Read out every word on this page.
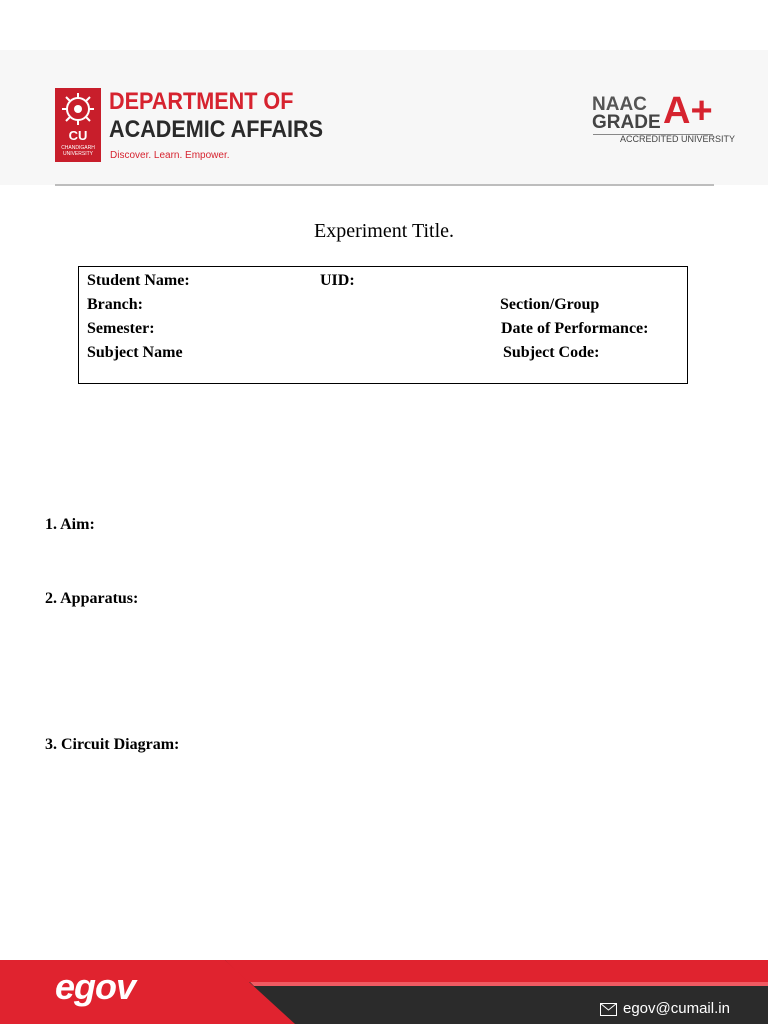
CU
CHANDIGARH UNIVERSITY
DEPARTMENT OF
ACADEMIC AFFAIRS
Discover. Learn. Empower.
NAAC
GRADE A+
ACCREDITED UNIVERSITY
Experiment Title.
Student Name:	UID:
Branch:	Section/Group
Semester:	Date of Performance:
Subject Name	Subject Code:
1. Aim:
2. Apparatus:
3. Circuit Diagram:
egov
egov@cumail.in
